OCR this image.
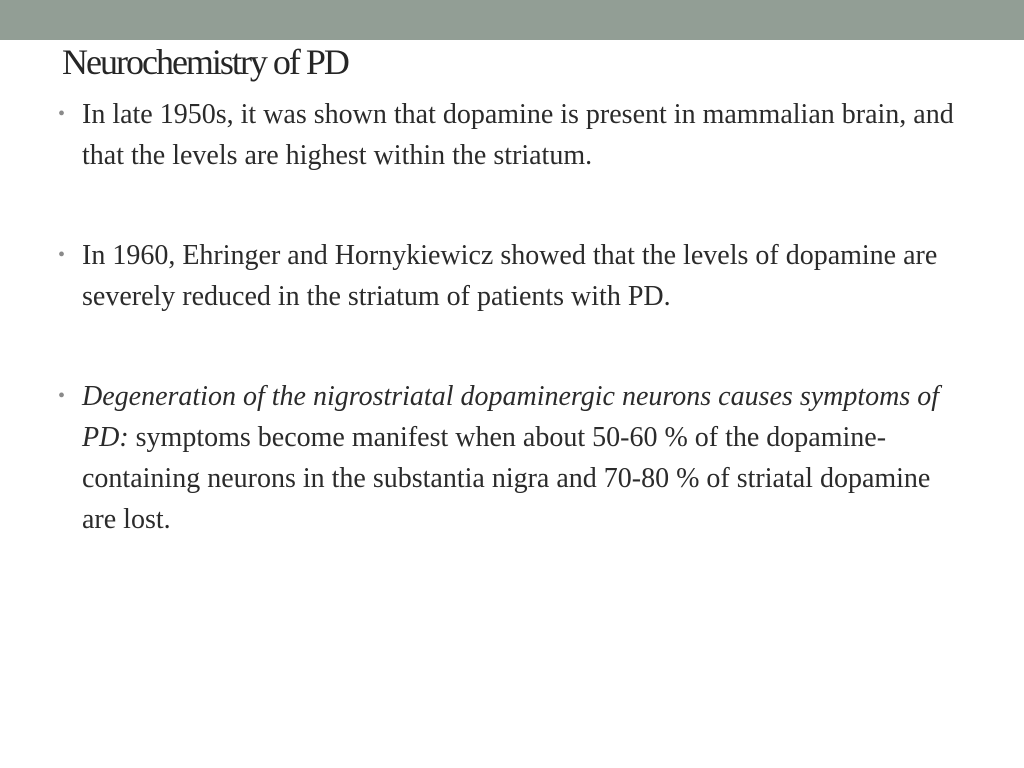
Neurochemistry of PD
• In late 1950s, it was shown that dopamine is present in mammalian brain, and that the levels are highest within the striatum.
• In 1960, Ehringer and Hornykiewicz showed that the levels of dopamine are severely reduced in the striatum of patients with PD.
• Degeneration of the nigrostriatal dopaminergic neurons causes symptoms of PD: symptoms become manifest when about 50-60 % of the dopamine-containing neurons in the substantia nigra and 70-80 % of striatal dopamine are lost.
